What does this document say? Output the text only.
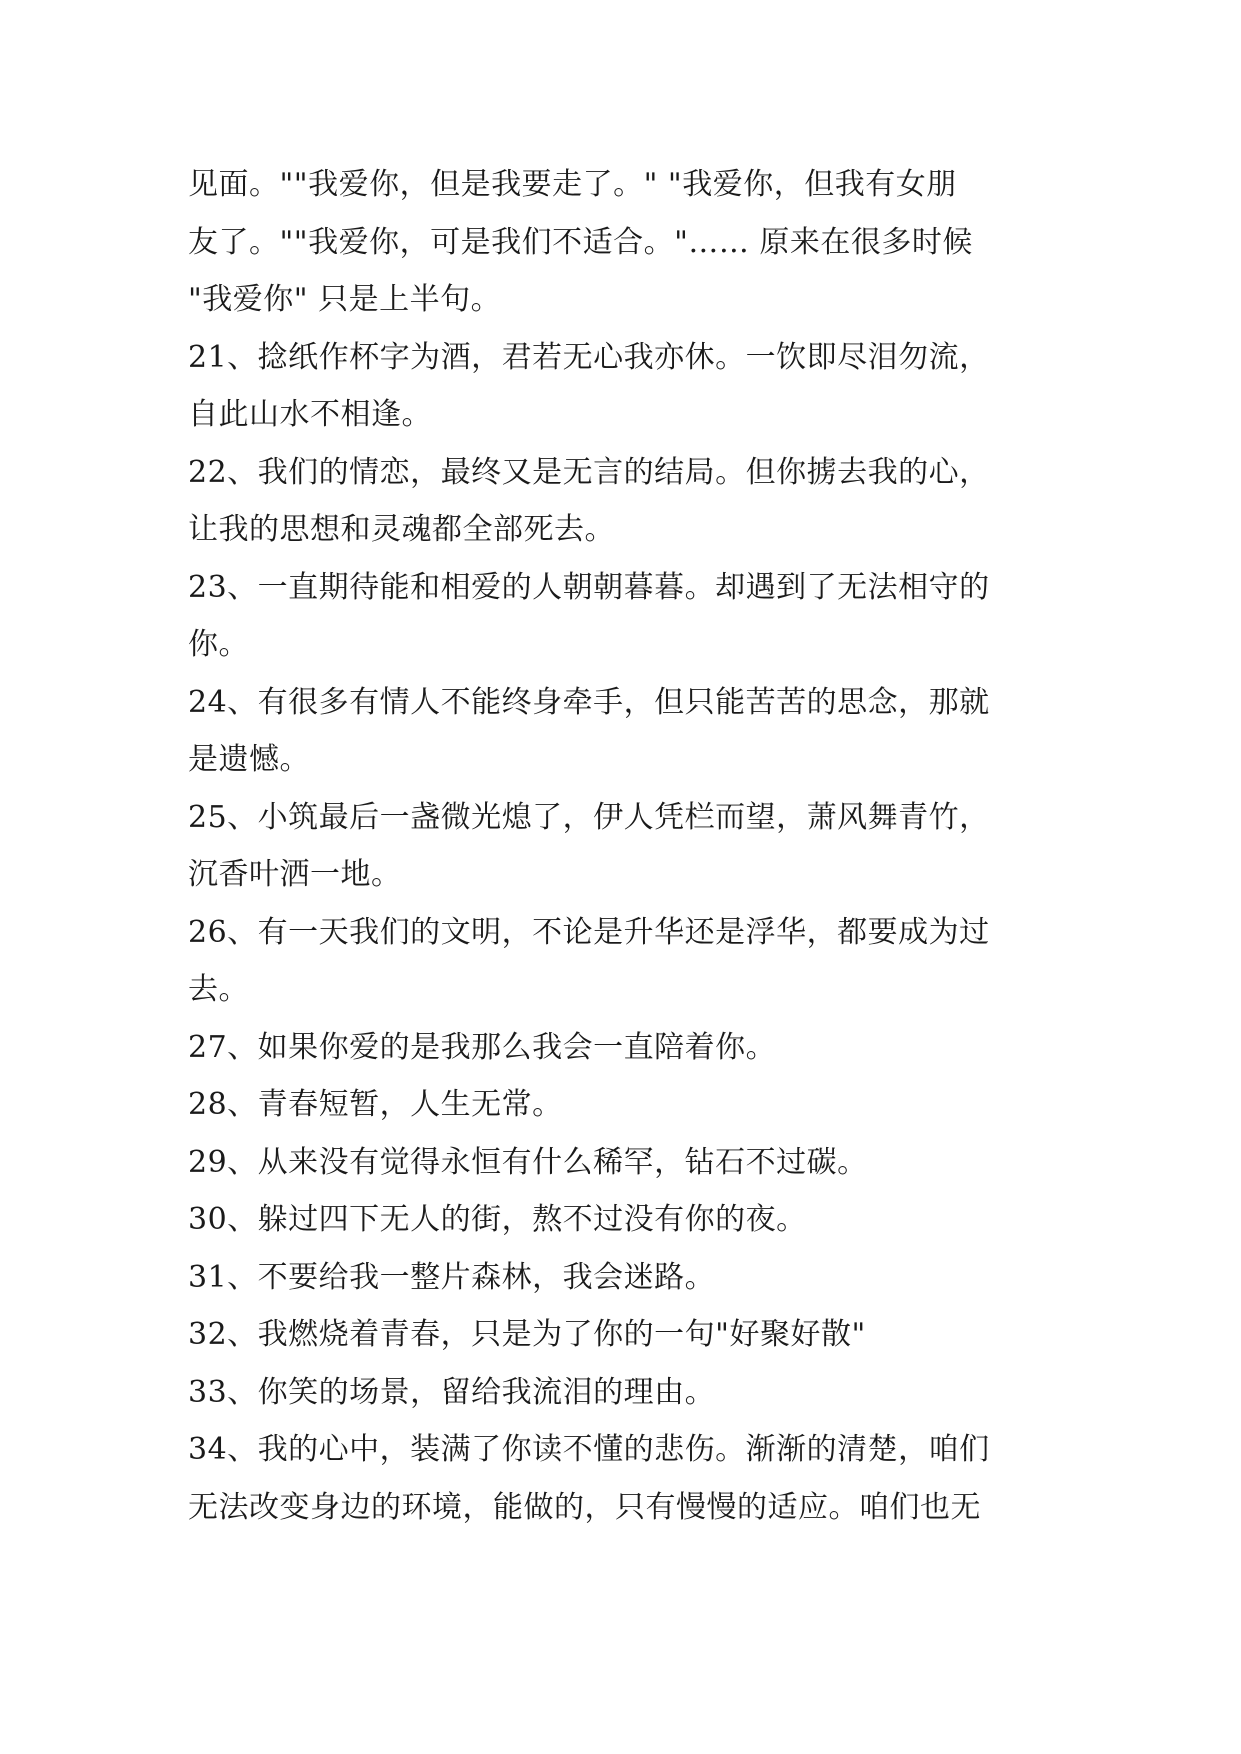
见面。""我爱你，但是我要走了。" "我爱你，但我有女朋
友了。""我爱你，可是我们不适合。"…… 原来在很多时候
"我爱你" 只是上半句。
21、捻纸作杯字为酒，君若无心我亦休。一饮即尽泪勿流，
自此山水不相逢。
22、我们的情恋，最终又是无言的结局。但你掳去我的心，
让我的思想和灵魂都全部死去。
23、一直期待能和相爱的人朝朝暮暮。却遇到了无法相守的
你。
24、有很多有情人不能终身牵手，但只能苦苦的思念，那就
是遗憾。
25、小筑最后一盏微光熄了，伊人凭栏而望，萧风舞青竹，
沉香叶洒一地。
26、有一天我们的文明，不论是升华还是浮华，都要成为过
去。
27、如果你爱的是我那么我会一直陪着你。
28、青春短暂，人生无常。
29、从来没有觉得永恒有什么稀罕，钻石不过碳。
30、躲过四下无人的街，熬不过没有你的夜。
31、不要给我一整片森林，我会迷路。
32、我燃烧着青春，只是为了你的一句"好聚好散"
33、你笑的场景，留给我流泪的理由。
34、我的心中，装满了你读不懂的悲伤。渐渐的清楚，咱们
无法改变身边的环境，能做的，只有慢慢的适应。咱们也无
